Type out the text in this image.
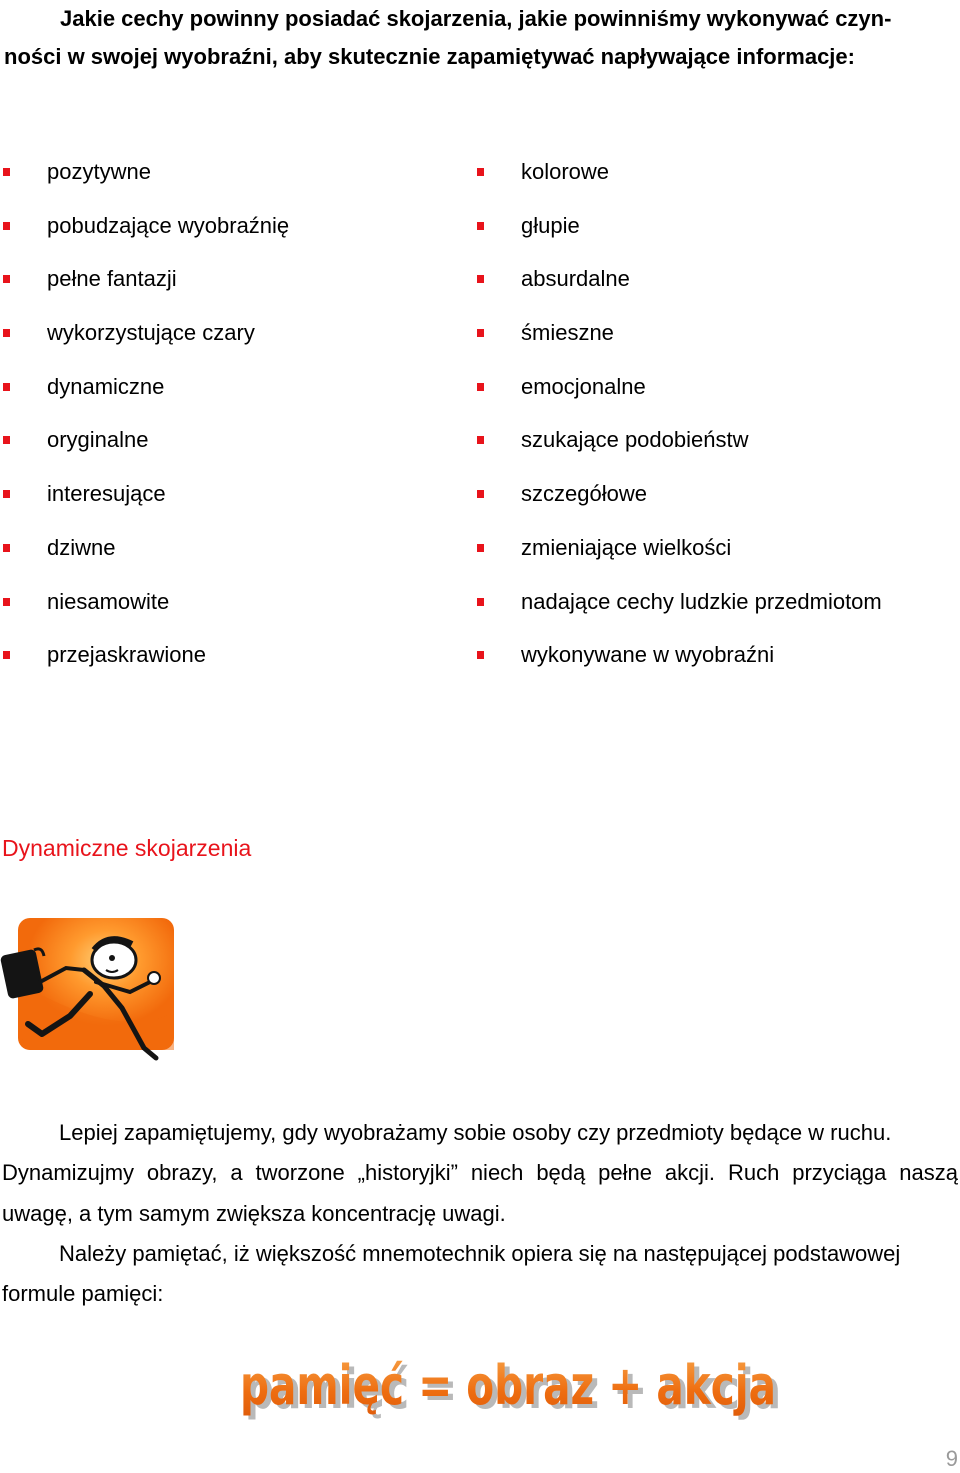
Jakie cechy powinny posiadać skojarzenia, jakie powinniśmy wykonywać czyn-
ności w swojej wyobraźni, aby skutecznie zapamiętywać napływające informacje:
pozytywne
pobudzające wyobraźnię
pełne fantazji
wykorzystujące czary
dynamiczne
oryginalne
interesujące
dziwne
niesamowite
przejaskrawione
kolorowe
głupie
absurdalne
śmieszne
emocjonalne
szukające podobieństw
szczegółowe
zmieniające wielkości
nadające cechy ludzkie przedmiotom
wykonywane w wyobraźni
Dynamiczne skojarzenia

Lepiej zapamiętujemy, gdy wyobrażamy sobie osoby czy przedmioty będące w ruchu.
Dynamizujmy obrazy, a tworzone „historyjki” niech będą pełne akcji. Ruch przyciąga naszą uwagę, a tym samym zwiększa koncentrację uwagi.

Należy pamiętać, iż większość mnemotechnik opiera się na następującej podstawowej
formule pamięci:

pamięć = obraz + akcja
pamięć = obraz + akcja
9
